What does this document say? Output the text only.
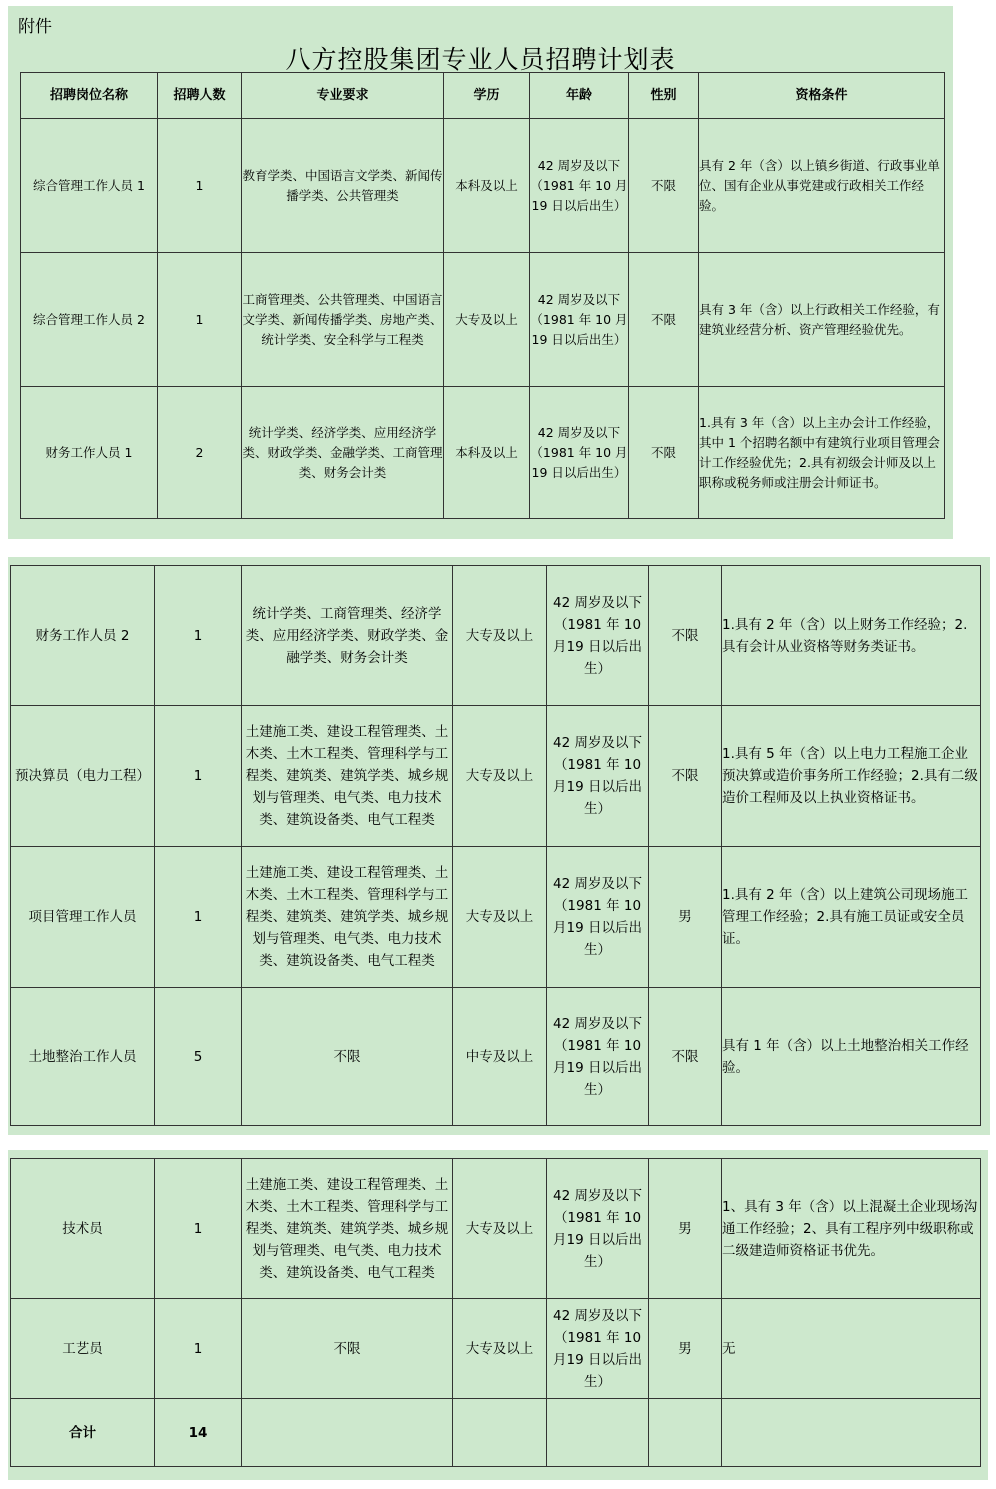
附件
八方控股集团专业人员招聘计划表
招聘岗位名称	招聘人数	专业要求	学历	年龄	性别	资格条件
综合管理工作人员 1	1	教育学类、中国语言文学类、新闻传播学类、公共管理类	本科及以上	42 周岁及以下（1981 年 10 月19 日以后出生）	不限	具有 2 年（含）以上镇乡街道、行政事业单位、国有企业从事党建或行政相关工作经验。
综合管理工作人员 2	1	工商管理类、公共管理类、中国语言文学类、新闻传播学类、房地产类、统计学类、安全科学与工程类	大专及以上	42 周岁及以下（1981 年 10 月19 日以后出生）	不限	具有 3 年（含）以上行政相关工作经验，有建筑业经营分析、资产管理经验优先。
财务工作人员 1	2	统计学类、经济学类、应用经济学类、财政学类、金融学类、工商管理类、财务会计类	本科及以上	42 周岁及以下（1981 年 10 月19 日以后出生）	不限	1.具有 3 年（含）以上主办会计工作经验，其中 1 个招聘名额中有建筑行业项目管理会计工作经验优先；2.具有初级会计师及以上职称或税务师或注册会计师证书。
财务工作人员 2	1	统计学类、工商管理类、经济学类、应用经济学类、财政学类、金融学类、财务会计类	大专及以上	42 周岁及以下（1981 年 10 月19 日以后出生）	不限	1.具有 2 年（含）以上财务工作经验；2.具有会计从业资格等财务类证书。
预决算员（电力工程）	1	土建施工类、建设工程管理类、土木类、土木工程类、管理科学与工程类、建筑类、建筑学类、城乡规划与管理类、电气类、电力技术类、建筑设备类、电气工程类	大专及以上	42 周岁及以下（1981 年 10 月19 日以后出生）	不限	1.具有 5 年（含）以上电力工程施工企业预决算或造价事务所工作经验；2.具有二级造价工程师及以上执业资格证书。
项目管理工作人员	1	土建施工类、建设工程管理类、土木类、土木工程类、管理科学与工程类、建筑类、建筑学类、城乡规划与管理类、电气类、电力技术类、建筑设备类、电气工程类	大专及以上	42 周岁及以下（1981 年 10 月19 日以后出生）	男	1.具有 2 年（含）以上建筑公司现场施工管理工作经验；2.具有施工员证或安全员证。
土地整治工作人员	5	不限	中专及以上	42 周岁及以下（1981 年 10 月19 日以后出生）	不限	具有 1 年（含）以上土地整治相关工作经验。
技术员	1	土建施工类、建设工程管理类、土木类、土木工程类、管理科学与工程类、建筑类、建筑学类、城乡规划与管理类、电气类、电力技术类、建筑设备类、电气工程类	大专及以上	42 周岁及以下（1981 年 10 月19 日以后出生）	男	1、具有 3 年（含）以上混凝土企业现场沟通工作经验；2、具有工程序列中级职称或二级建造师资格证书优先。
工艺员	1	不限	大专及以上	42 周岁及以下（1981 年 10 月19 日以后出生）	男	无
合计	14					
